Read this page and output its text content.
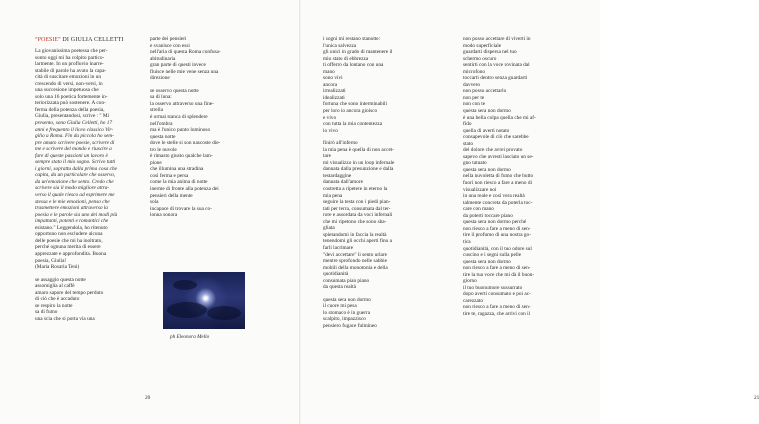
“POESIE” DI GIULIA CELLETTI
La giovanissima poetessa che per-
sonto oggi mi ha colpito partico-
larmente. In un profluvio inarre-
stabile di parole ha avuto la capa-
cità di suscitare emozioni in un
crescendo di versi, non-versi, in
una succesione impetuosa che
solo una 16 poetica fortemente in-
teriorizzata può sostenere. A con-
ferma della potenza della poesia,
Giulia, presentandosi, scrive : " Mi
presento, sono Giulia Celletti, ho 17
anni e frequento il liceo classico Vir-
gilio a Roma. Fin da piccola ho sem-
pre amato scrivere poesie, scrivere di
me e scrivere del mondo e riuscire a
fare di queste passioni un lavoro è
sempre stato il mio sogno. Scrivo tutti
i giorni, soprattu dalla prima cosa che
capita, da un particolare che osservo,
da un'emozione che sento. Credo che
scrivere sia il modo migliore attra-
verso il quale riesco ad esprimere me
stessa e le mie emozioni, penso che
trasmettere emozioni attraverso la
poesia e le parole sia uno dei modi più
impattanti, potenti e romantici che
esistano." Leggendola, ho ritenuto
opportuno non escludere alcuna
delle poesie che mi ha inoltrato,
perché ognuna merita di essere
apprezzate e approfondita. Buona
poesia, Giulia!
(Maria Rosaria Teni)
se assaggio questa notte
assomiglia al caffè
amaro sapore del tempo perduto
di ciò che è accaduto
se respiro la notte
sa di fumo
una scia che si porta via una
parte dei pensieri
e svanisce con essi
nell'aria di questa Roma confusa-
abitudinaria
gran parte di questi invece
fluisce nelle mie vene senza una
direzione
se osservo questa notte
sa di luna:
la osservo attraverso una fine-
strella
è ormai stanca di splendere
nell'ombra
ma è l'unico punto luminoso
questa notte
dove le stelle si son nascoste die-
tro le nuvole
è rimasto giusto qualche lam-
pione
che illumina una stradina
così ferma e persa
come la mia anima di notte
inerme di fronte alla potenza dei
pensieri della mente
sola
incapace di trovare la sua co-
lonna sonora
ph Eleonora Mello
20	21
i sogni mi restano stanotte:
l'unica salvezza
gli unici in grado di mantenere il
mio stato di ebbrezza
ti offerro da lontano con una
mano
sono vivi
ancora
irrealizzati
idealizzati
fortuna che sono interminabili
per loro io ancora gioisco
e vivo
con tutta la mia contentezza
io vivo
finirò all'inferno
la mia pena è quella di non accet-
tare
mi visualizzo in un loop infernale
dannata dalla presunzione e dalla
testardaggine
dannata dall'amore
costretta a ripetere in eterno la
mia pena
seguire la testa con i piedi pian-
tati per terra, consumata dal ter-
rore e assordata da voci infernali
che mi ripetono che sono sba-
gliata
spietandomi in faccia la realtà
tenendomi gli occhi aperti fino a
farli lacrimare
"devi accettare" li sento urlare
mentre sprofondo nelle sabbie
mobili della monotonia e della
quotidianità
consumata pian piano
da questa realtà
questa sera non dormo
il cuore mi pesa
lo stomaco è in guerra
scalpito, impazzisco
pensiero fugace fulmineo
non posso accettare di viverti in
modo superficiale
guardarti dispersa nel tuo
schermo oscuro
sentirti con la voce rovinata dal
microfono
toccarti dentro senza guardarti
davvero
non posso accettarlo
non per te
non con te
questa sera non dormo
è una bella colpa quella che mi af-
fido
quella di averti notato
consapevole di ciò che sarebbe
stato
del dolore che avrei provato
sapevo che avresti lasciato un se-
gno tatuato
questa sera non dormo
nella nuvoletta di fumo che butto
fuori non riesco a fare a meno di
visualizzare noi
in una reale e così vera realtà
talmente concreta da poterla toc-
care con mano
da poterti toccare piano
questa sera non dormo perché
non riesco a fare a meno di sen-
tire il profumo di una nostra go-
tica
quotidianità, con il tuo odore sul
cuscino e i segni sulla pelle
questa sera non dormo
non riesco a fare a meno di sen-
tire la tua voce che mi dà il buon-
giorno
il tuo buonumore sussurrato
dopo averti consumato e poi ac-
carezzato
non riesco a fare a meno di sen-
tire te, ragazza, che arrivi con il
